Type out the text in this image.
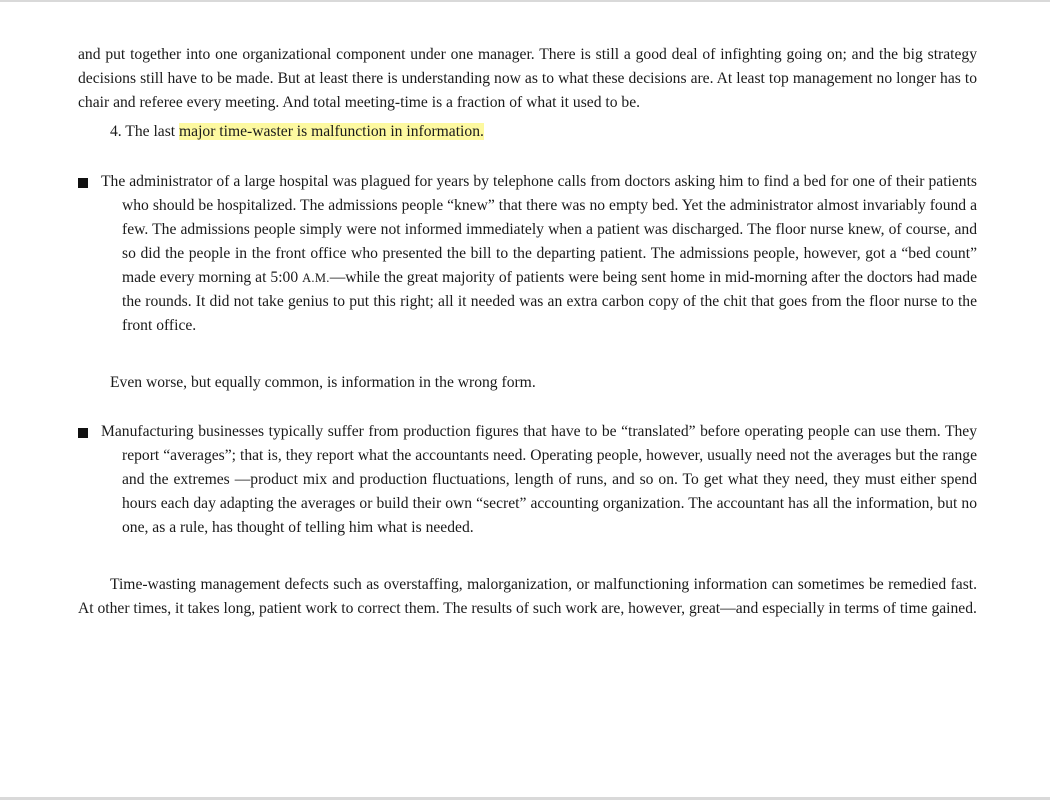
and put together into one organizational component under one manager. There is still a good deal of infighting going on; and the big strategy decisions still have to be made. But at least there is understanding now as to what these decisions are. At least top management no longer has to chair and referee every meeting. And total meeting-time is a fraction of what it used to be.

4. The last major time-waster is malfunction in information.

The administrator of a large hospital was plagued for years by telephone calls from doctors asking him to find a bed for one of their patients who should be hospitalized. The admissions people “knew” that there was no empty bed. Yet the administrator almost invariably found a few. The admissions people simply were not informed immediately when a patient was discharged. The floor nurse knew, of course, and so did the people in the front office who presented the bill to the departing patient. The admissions people, however, got a “bed count” made every morning at 5:00 A.M.—while the great majority of patients were being sent home in mid-morning after the doctors had made the rounds. It did not take genius to put this right; all it needed was an extra carbon copy of the chit that goes from the floor nurse to the front office.

Even worse, but equally common, is information in the wrong form.

Manufacturing businesses typically suffer from production figures that have to be “translated” before operating people can use them. They report “averages”; that is, they report what the accountants need. Operating people, however, usually need not the averages but the range and the extremes —product mix and production fluctuations, length of runs, and so on. To get what they need, they must either spend hours each day adapting the averages or build their own “secret” accounting organization. The accountant has all the information, but no one, as a rule, has thought of telling him what is needed.

Time-wasting management defects such as overstaffing, malorganization, or malfunctioning information can sometimes be remedied fast. At other times, it takes long, patient work to correct them. The results of such work are, however, great—and especially in terms of time gained.
